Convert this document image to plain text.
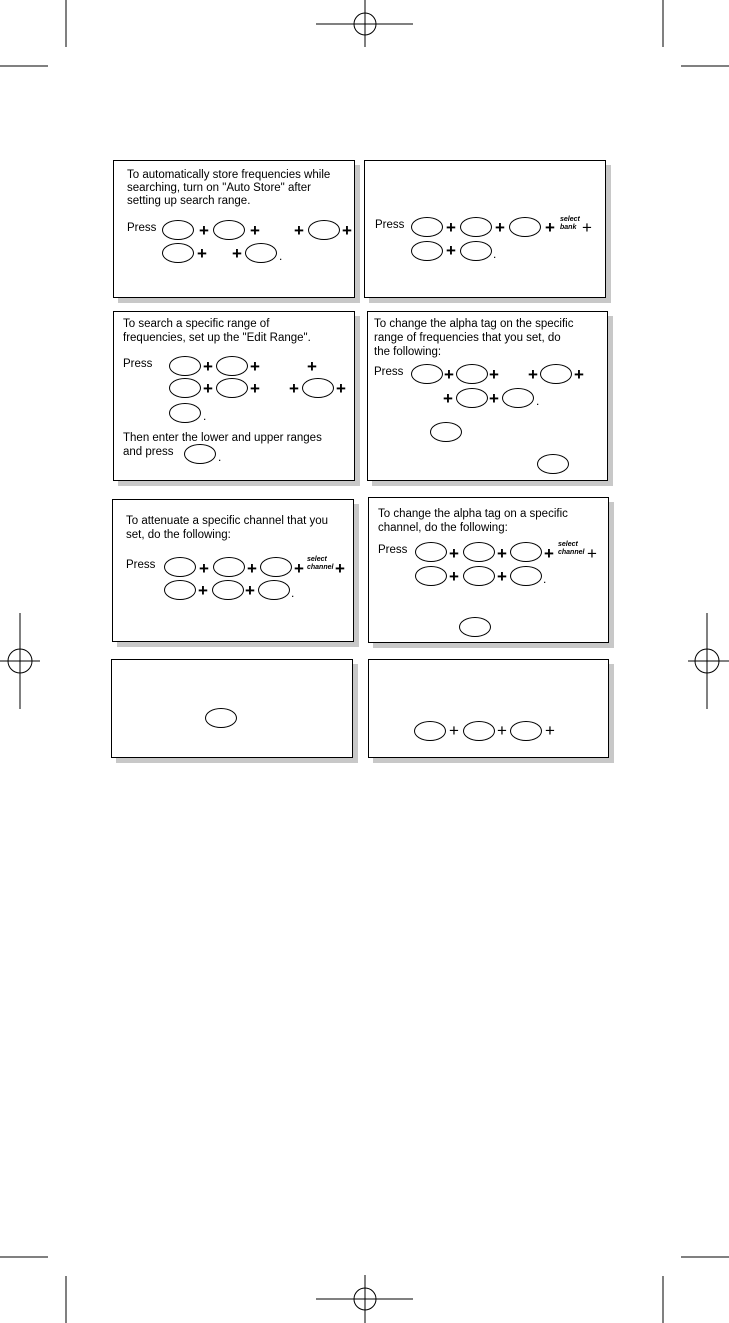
To automatically store frequencies while
searching, turn on "Auto Store" after
setting up search range.
Press	+ + + +
+ +	.
Press + + + select
bank +
+	.
To search a specific range of
frequencies, set up the "Edit Range".
Press	+ +	+
+ + + +
.
Then enter the lower and upper ranges
and press	.
To change the alpha tag on the specific
range of frequencies that you set, do
the following:
Press + + + +
+ +	.
To attenuate a specific channel that you
set, do the following:
Press	+ + + select
channel +
+ +	.
To change the alpha tag on a specific
channel, do the following:
Press + + + select
channel +
+ +	.
+ + +
